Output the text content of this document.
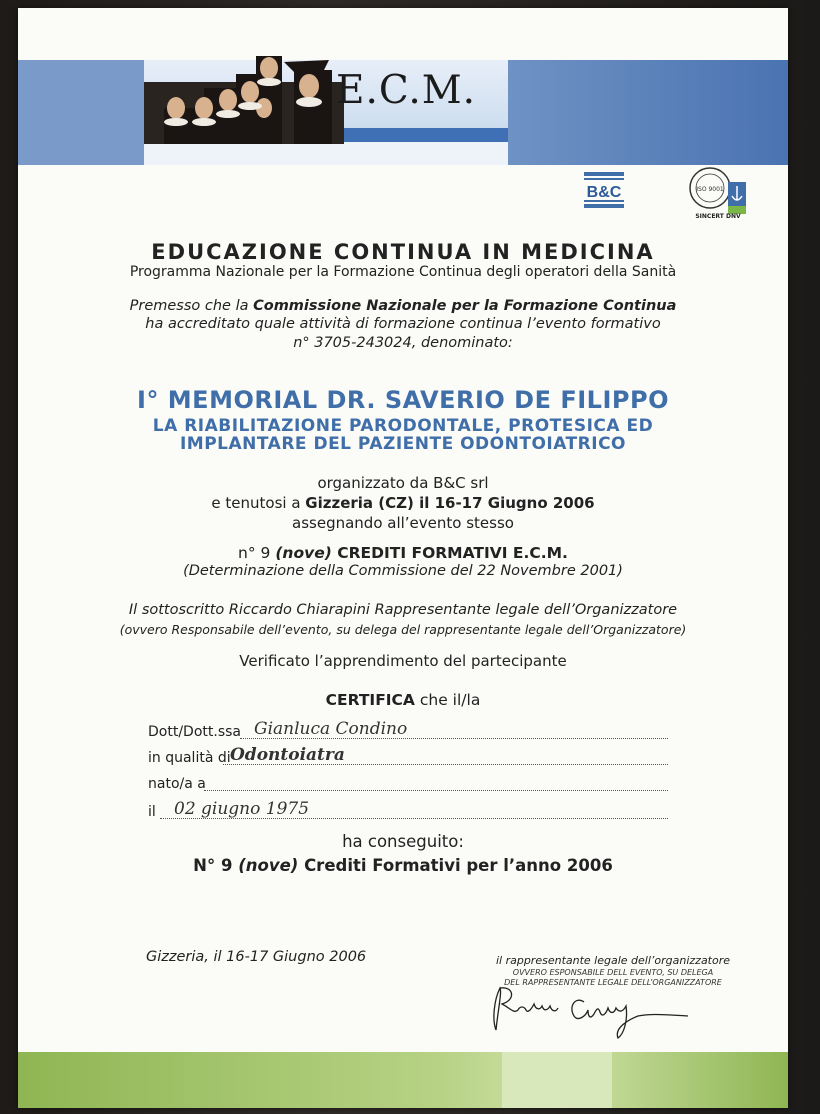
E.C.M.
B&C	ISO 9001
SINCERT DNV
EDUCAZIONE CONTINUA IN MEDICINA
Programma Nazionale per la Formazione Continua degli operatori della Sanità
Premesso che la Commissione Nazionale per la Formazione Continua
ha accreditato quale attività di formazione continua l’evento formativo
n° 3705-243024, denominato:
I° MEMORIAL DR. SAVERIO DE FILIPPO
LA RIABILITAZIONE PARODONTALE, PROTESICA ED
IMPLANTARE DEL PAZIENTE ODONTOIATRICO
organizzato da B&C srl
e tenutosi a Gizzeria (CZ) il 16-17 Giugno 2006
assegnando all’evento stesso
n° 9 (nove) CREDITI FORMATIVI E.C.M.
(Determinazione della Commissione del 22 Novembre 2001)
Il sottoscritto Riccardo Chiarapini Rappresentante legale dell’Organizzatore
(ovvero Responsabile dell’evento, su delega del rappresentante legale dell’Organizzatore)
Verificato l’apprendimento del partecipante
CERTIFICA che il/la
Dott/Dott.ssa Gianluca Condino
in qualità di Odontoiatra
nato/a a
il 02 giugno 1975
ha conseguito:
N° 9 (nove) Crediti Formativi per l’anno 2006
Gizzeria, il 16-17 Giugno 2006	il rappresentante legale dell’organizzatore
OVVERO ESPONSABILE DELL EVENTO, SU DELEGA
DEL RAPPRESENTANTE LEGALE DELL’ORGANIZZATORE
